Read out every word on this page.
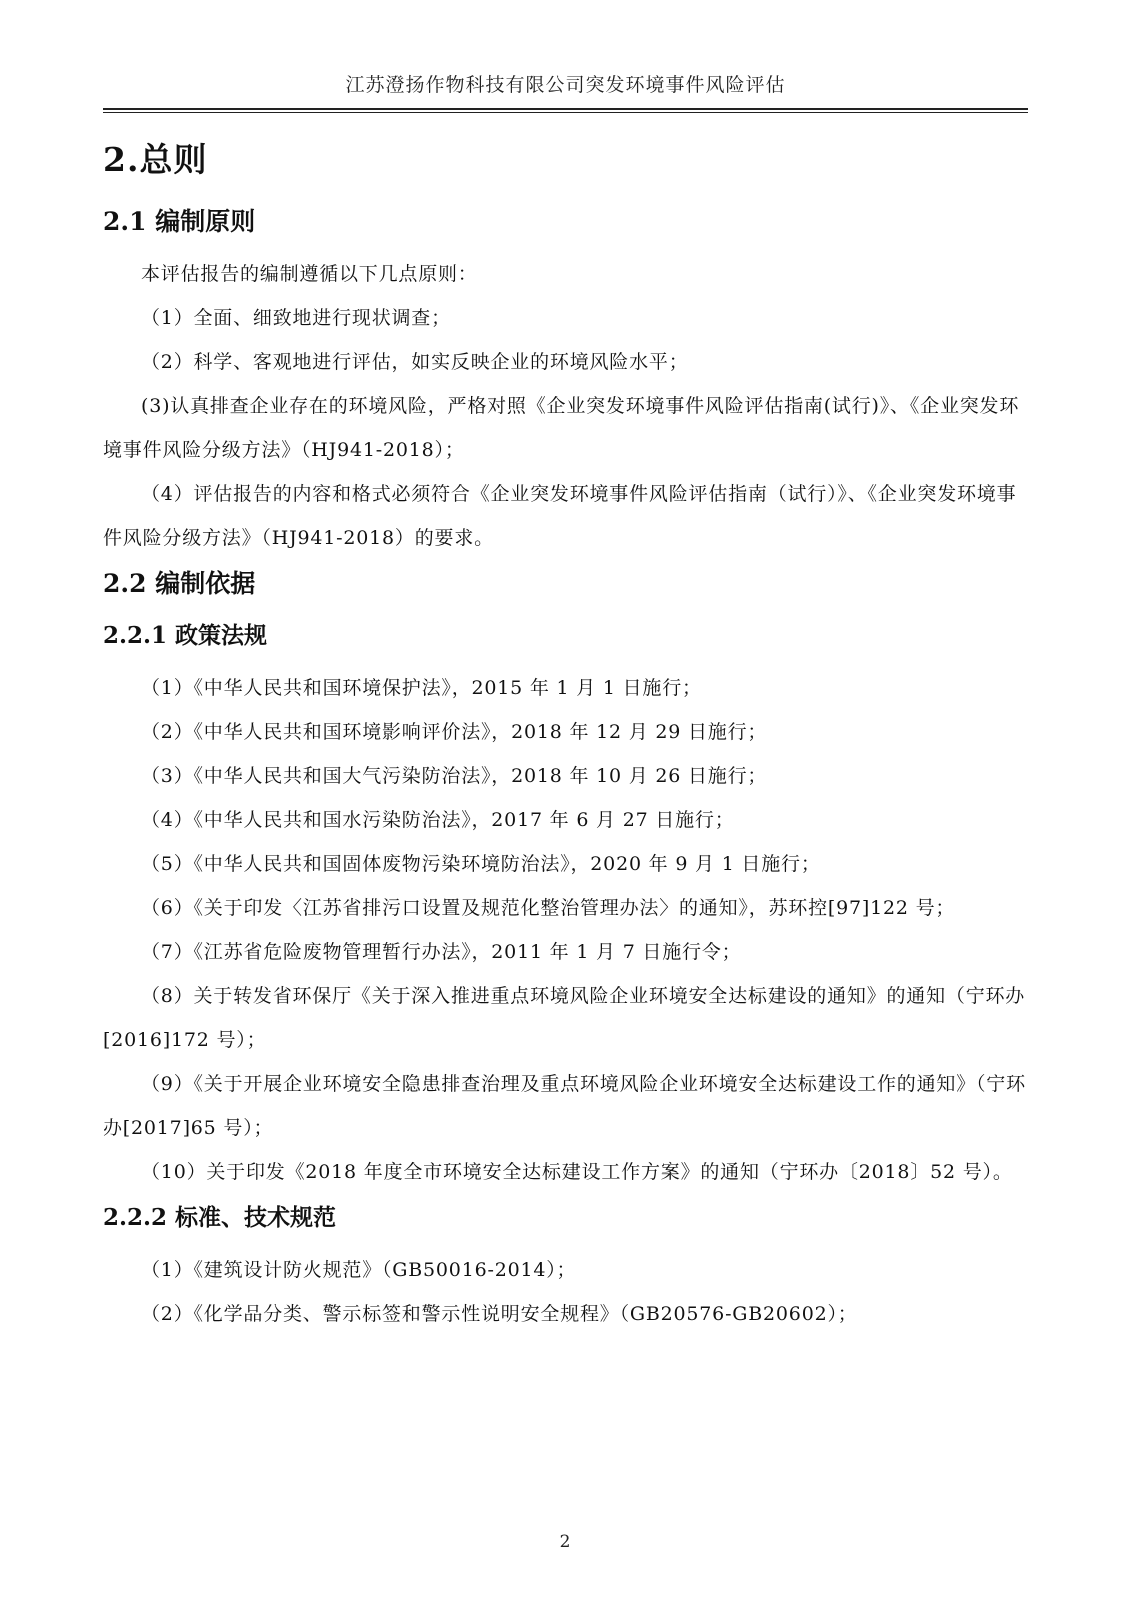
江苏澄扬作物科技有限公司突发环境事件风险评估
2.总则
2.1 编制原则

本评估报告的编制遵循以下几点原则：

（1）全面、细致地进行现状调查；

（2）科学、客观地进行评估，如实反映企业的环境风险水平；

(3)认真排查企业存在的环境风险，严格对照《企业突发环境事件风险评估指南(试行)》、《企业突发环境事件风险分级方法》（HJ941-2018）；

（4）评估报告的内容和格式必须符合《企业突发环境事件风险评估指南（试行）》、《企业突发环境事件风险分级方法》（HJ941-2018）的要求。

2.2 编制依据
2.2.1 政策法规

（1）《中华人民共和国环境保护法》，2015 年 1 月 1 日施行；

（2）《中华人民共和国环境影响评价法》，2018 年 12 月 29 日施行；

（3）《中华人民共和国大气污染防治法》，2018 年 10 月 26 日施行；

（4）《中华人民共和国水污染防治法》，2017 年 6 月 27 日施行；

（5）《中华人民共和国固体废物污染环境防治法》，2020 年 9 月 1 日施行；

（6）《关于印发〈江苏省排污口设置及规范化整治管理办法〉的通知》，苏环控[97]122 号；

（7）《江苏省危险废物管理暂行办法》，2011 年 1 月 7 日施行令；

（8）关于转发省环保厅《关于深入推进重点环境风险企业环境安全达标建设的通知》的通知（宁环办[2016]172 号）；

（9）《关于开展企业环境安全隐患排查治理及重点环境风险企业环境安全达标建设工作的通知》（宁环办[2017]65 号）；

（10）关于印发《2018 年度全市环境安全达标建设工作方案》的通知（宁环办〔2018〕52 号）。

2.2.2 标准、技术规范

（1）《建筑设计防火规范》（GB50016-2014）；

（2）《化学品分类、警示标签和警示性说明安全规程》（GB20576-GB20602）；

2
